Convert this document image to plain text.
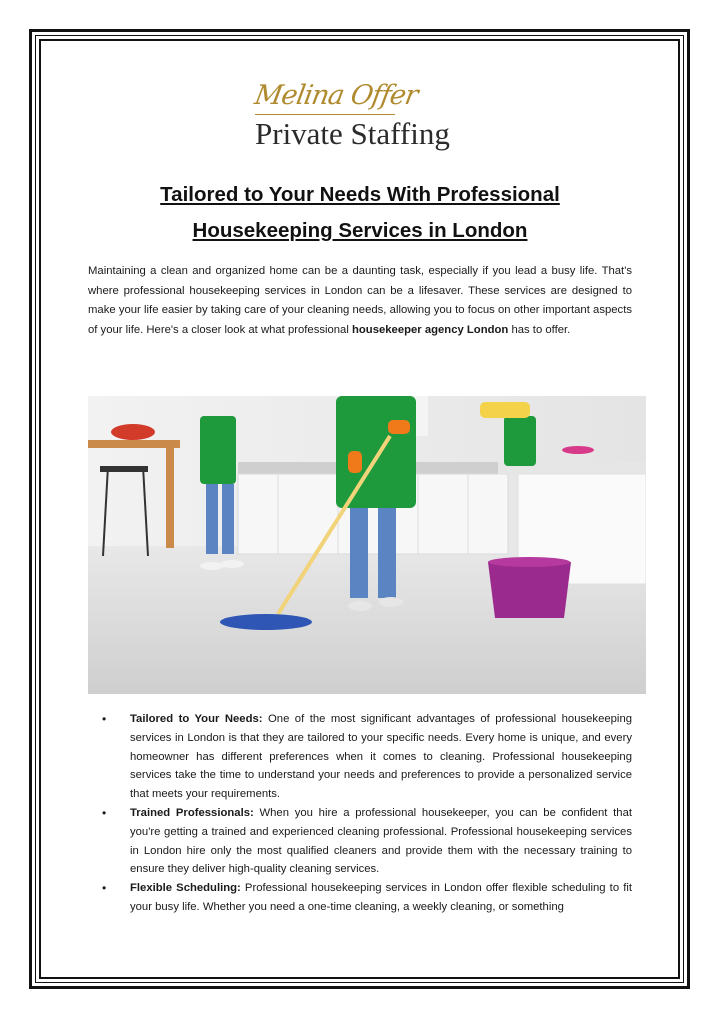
Melina Offer
Private Staffing
Tailored to Your Needs With Professional
Housekeeping Services in London

Maintaining a clean and organized home can be a daunting task, especially if you lead a busy life. That's where professional housekeeping services in London can be a lifesaver. These services are designed to make your life easier by taking care of your cleaning needs, allowing you to focus on other important aspects of your life. Here's a closer look at what professional housekeeper agency London has to offer.

• Tailored to Your Needs: One of the most significant advantages of professional housekeeping services in London is that they are tailored to your specific needs. Every home is unique, and every homeowner has different preferences when it comes to cleaning. Professional housekeeping services take the time to understand your needs and preferences to provide a personalized service that meets your requirements.
• Trained Professionals: When you hire a professional housekeeper, you can be confident that you're getting a trained and experienced cleaning professional. Professional housekeeping services in London hire only the most qualified cleaners and provide them with the necessary training to ensure they deliver high-quality cleaning services.
• Flexible Scheduling: Professional housekeeping services in London offer flexible scheduling to fit your busy life. Whether you need a one-time cleaning, a weekly cleaning, or something
